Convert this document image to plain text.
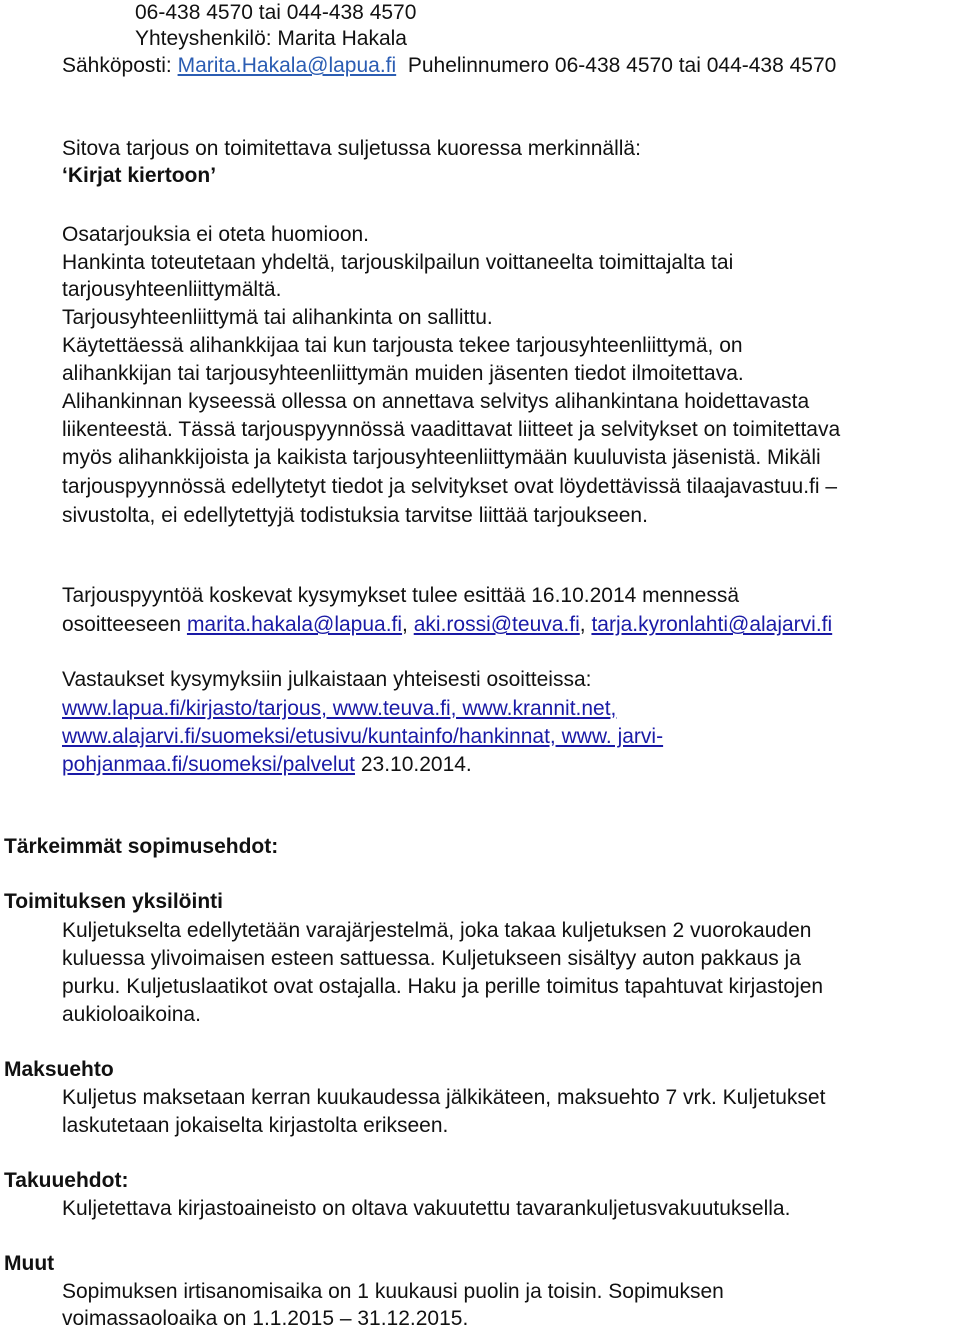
06-438 4570 tai 044-438 4570
Yhteyshenkilö: Marita Hakala
Sähköposti: Marita.Hakala@lapua.fi  Puhelinnumero 06-438 4570 tai 044-438 4570
Sitova tarjous on toimitettava suljetussa kuoressa merkinnällä:
‘Kirjat kiertoon’
Osatarjouksia ei oteta huomioon.
Hankinta toteutetaan yhdeltä, tarjouskilpailun voittaneelta toimittajalta tai
tarjousyhteenliittymältä.
Tarjousyhteenliittymä tai alihankinta on sallittu.
Käytettäessä alihankkijaa tai kun tarjousta tekee tarjousyhteenliittymä, on
alihankkijan tai tarjousyhteenliittymän muiden jäsenten tiedot ilmoitettava.
Alihankinnan kyseessä ollessa on annettava selvitys alihankintana hoidettavasta
liikenteestä. Tässä tarjouspyynnössä vaadittavat liitteet ja selvitykset on toimitettava
myös alihankkijoista ja kaikista tarjousyhteenliittymään kuuluvista jäsenistä. Mikäli
tarjouspyynnössä edellytetyt tiedot ja selvitykset ovat löydettävissä tilaajavastuu.fi –
sivustolta, ei edellytettyjä todistuksia tarvitse liittää tarjoukseen.
Tarjouspyyntöä koskevat kysymykset tulee esittää 16.10.2014 mennessä
osoitteeseen marita.hakala@lapua.fi, aki.rossi@teuva.fi, tarja.kyronlahti@alajarvi.fi
Vastaukset kysymyksiin julkaistaan yhteisesti osoitteissa:
www.lapua.fi/kirjasto/tarjous, www.teuva.fi, www.krannit.net,
www.alajarvi.fi/suomeksi/etusivu/kuntainfo/hankinnat, www. jarvi-
pohjanmaa.fi/suomeksi/palvelut 23.10.2014.
Tärkeimmät sopimusehdot:
Toimituksen yksilöinti
Kuljetukselta edellytetään varajärjestelmä, joka takaa kuljetuksen 2 vuorokauden
kuluessa ylivoimaisen esteen sattuessa. Kuljetukseen sisältyy auton pakkaus ja
purku. Kuljetuslaatikot ovat ostajalla. Haku ja perille toimitus tapahtuvat kirjastojen
aukioloaikoina.
Maksuehto
Kuljetus maksetaan kerran kuukaudessa jälkikäteen, maksuehto 7 vrk. Kuljetukset
laskutetaan jokaiselta kirjastolta erikseen.
Takuuehdot:
Kuljetettava kirjastoaineisto on oltava vakuutettu tavarankuljetusvakuutuksella.
Muut
Sopimuksen irtisanomisaika on 1 kuukausi puolin ja toisin. Sopimuksen
voimassaoloaika on 1.1.2015 – 31.12.2015.
